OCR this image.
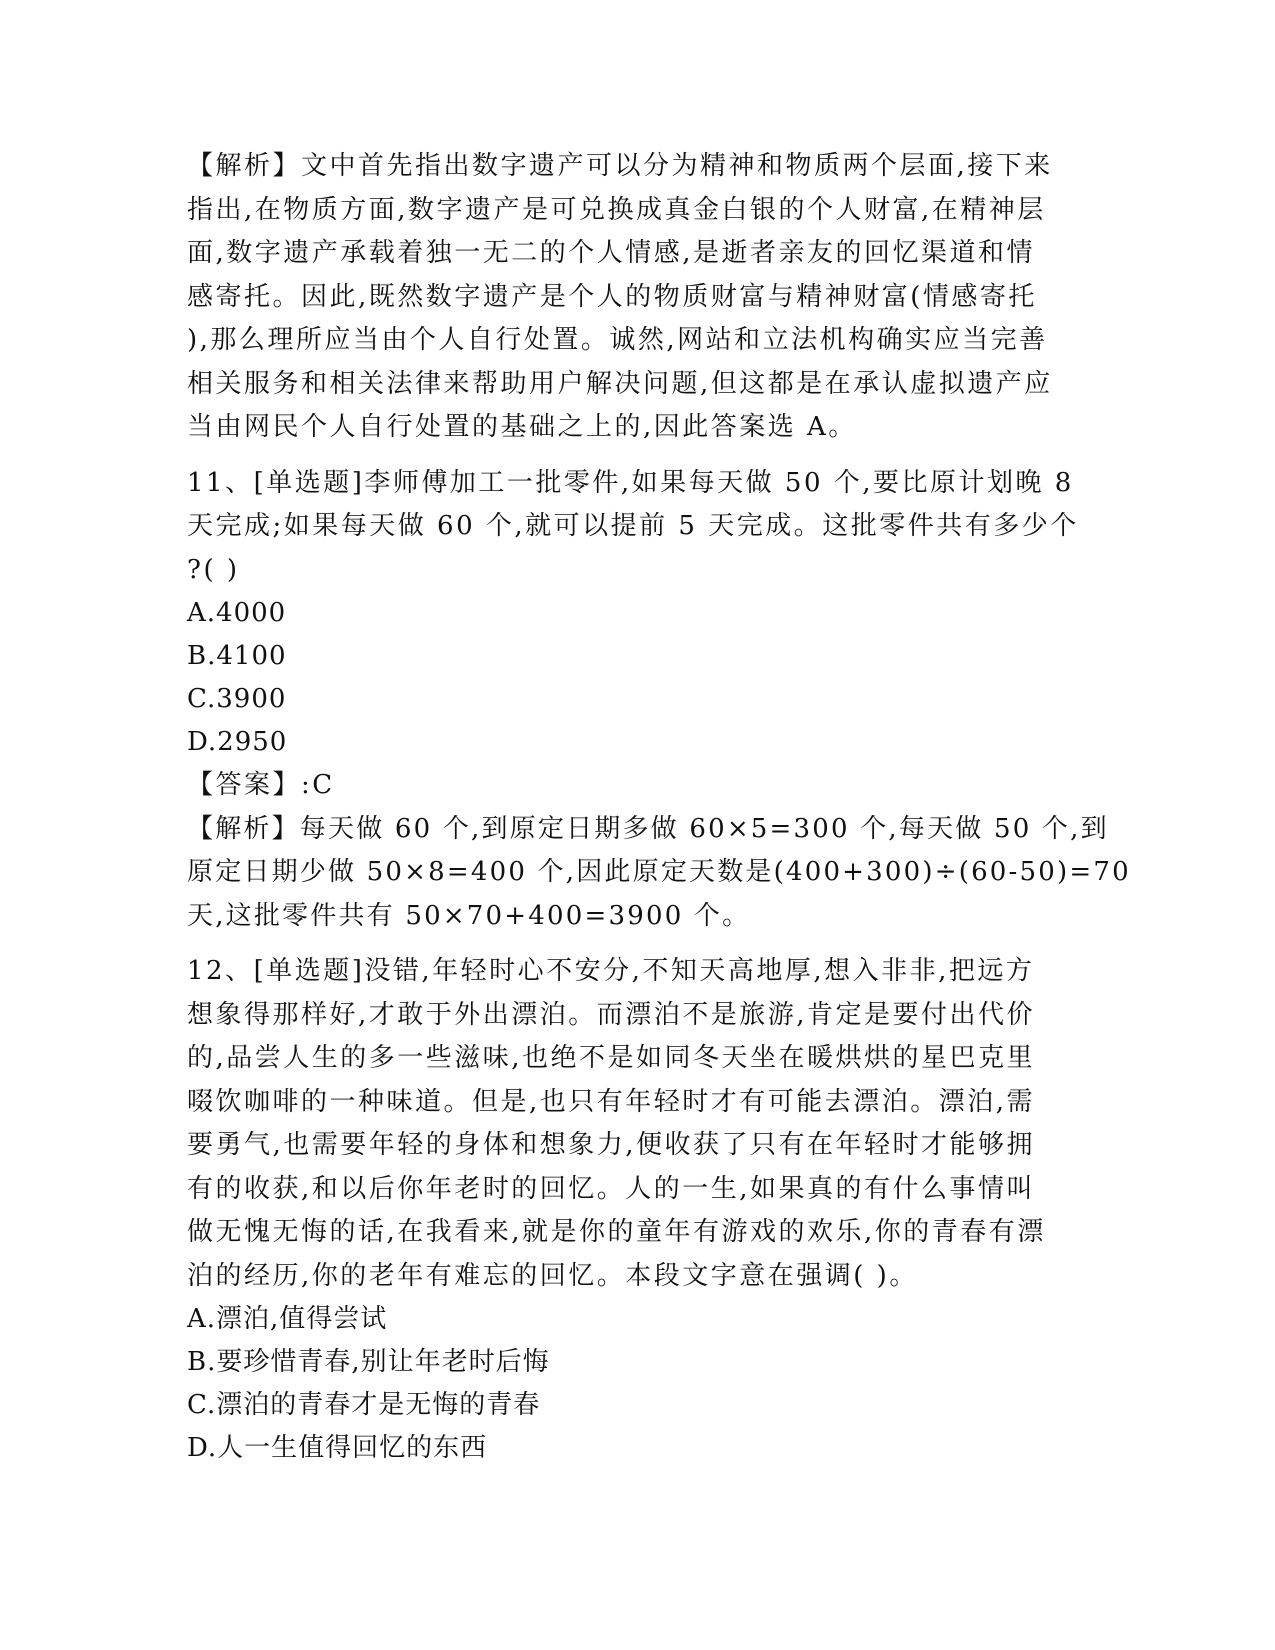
【解析】文中首先指出数字遗产可以分为精神和物质两个层面,接下来
指出,在物质方面,数字遗产是可兑换成真金白银的个人财富,在精神层
面,数字遗产承载着独一无二的个人情感,是逝者亲友的回忆渠道和情
感寄托。因此,既然数字遗产是个人的物质财富与精神财富(情感寄托
),那么理所应当由个人自行处置。诚然,网站和立法机构确实应当完善
相关服务和相关法律来帮助用户解决问题,但这都是在承认虚拟遗产应
当由网民个人自行处置的基础之上的,因此答案选 A。
11、[单选题]李师傅加工一批零件,如果每天做 50 个,要比原计划晚 8
天完成;如果每天做 60 个,就可以提前 5 天完成。这批零件共有多少个
?( )
A.4000
B.4100
C.3900
D.2950
【答案】:C
【解析】每天做 60 个,到原定日期多做 60×5=300 个,每天做 50 个,到
原定日期少做 50×8=400 个,因此原定天数是(400+300)÷(60-50)=70
天,这批零件共有 50×70+400=3900 个。
12、[单选题]没错,年轻时心不安分,不知天高地厚,想入非非,把远方
想象得那样好,才敢于外出漂泊。而漂泊不是旅游,肯定是要付出代价
的,品尝人生的多一些滋味,也绝不是如同冬天坐在暖烘烘的星巴克里
啜饮咖啡的一种味道。但是,也只有年轻时才有可能去漂泊。漂泊,需
要勇气,也需要年轻的身体和想象力,便收获了只有在年轻时才能够拥
有的收获,和以后你年老时的回忆。人的一生,如果真的有什么事情叫
做无愧无悔的话,在我看来,就是你的童年有游戏的欢乐,你的青春有漂
泊的经历,你的老年有难忘的回忆。本段文字意在强调( )。
A.漂泊,值得尝试
B.要珍惜青春,别让年老时后悔
C.漂泊的青春才是无悔的青春
D.人一生值得回忆的东西
